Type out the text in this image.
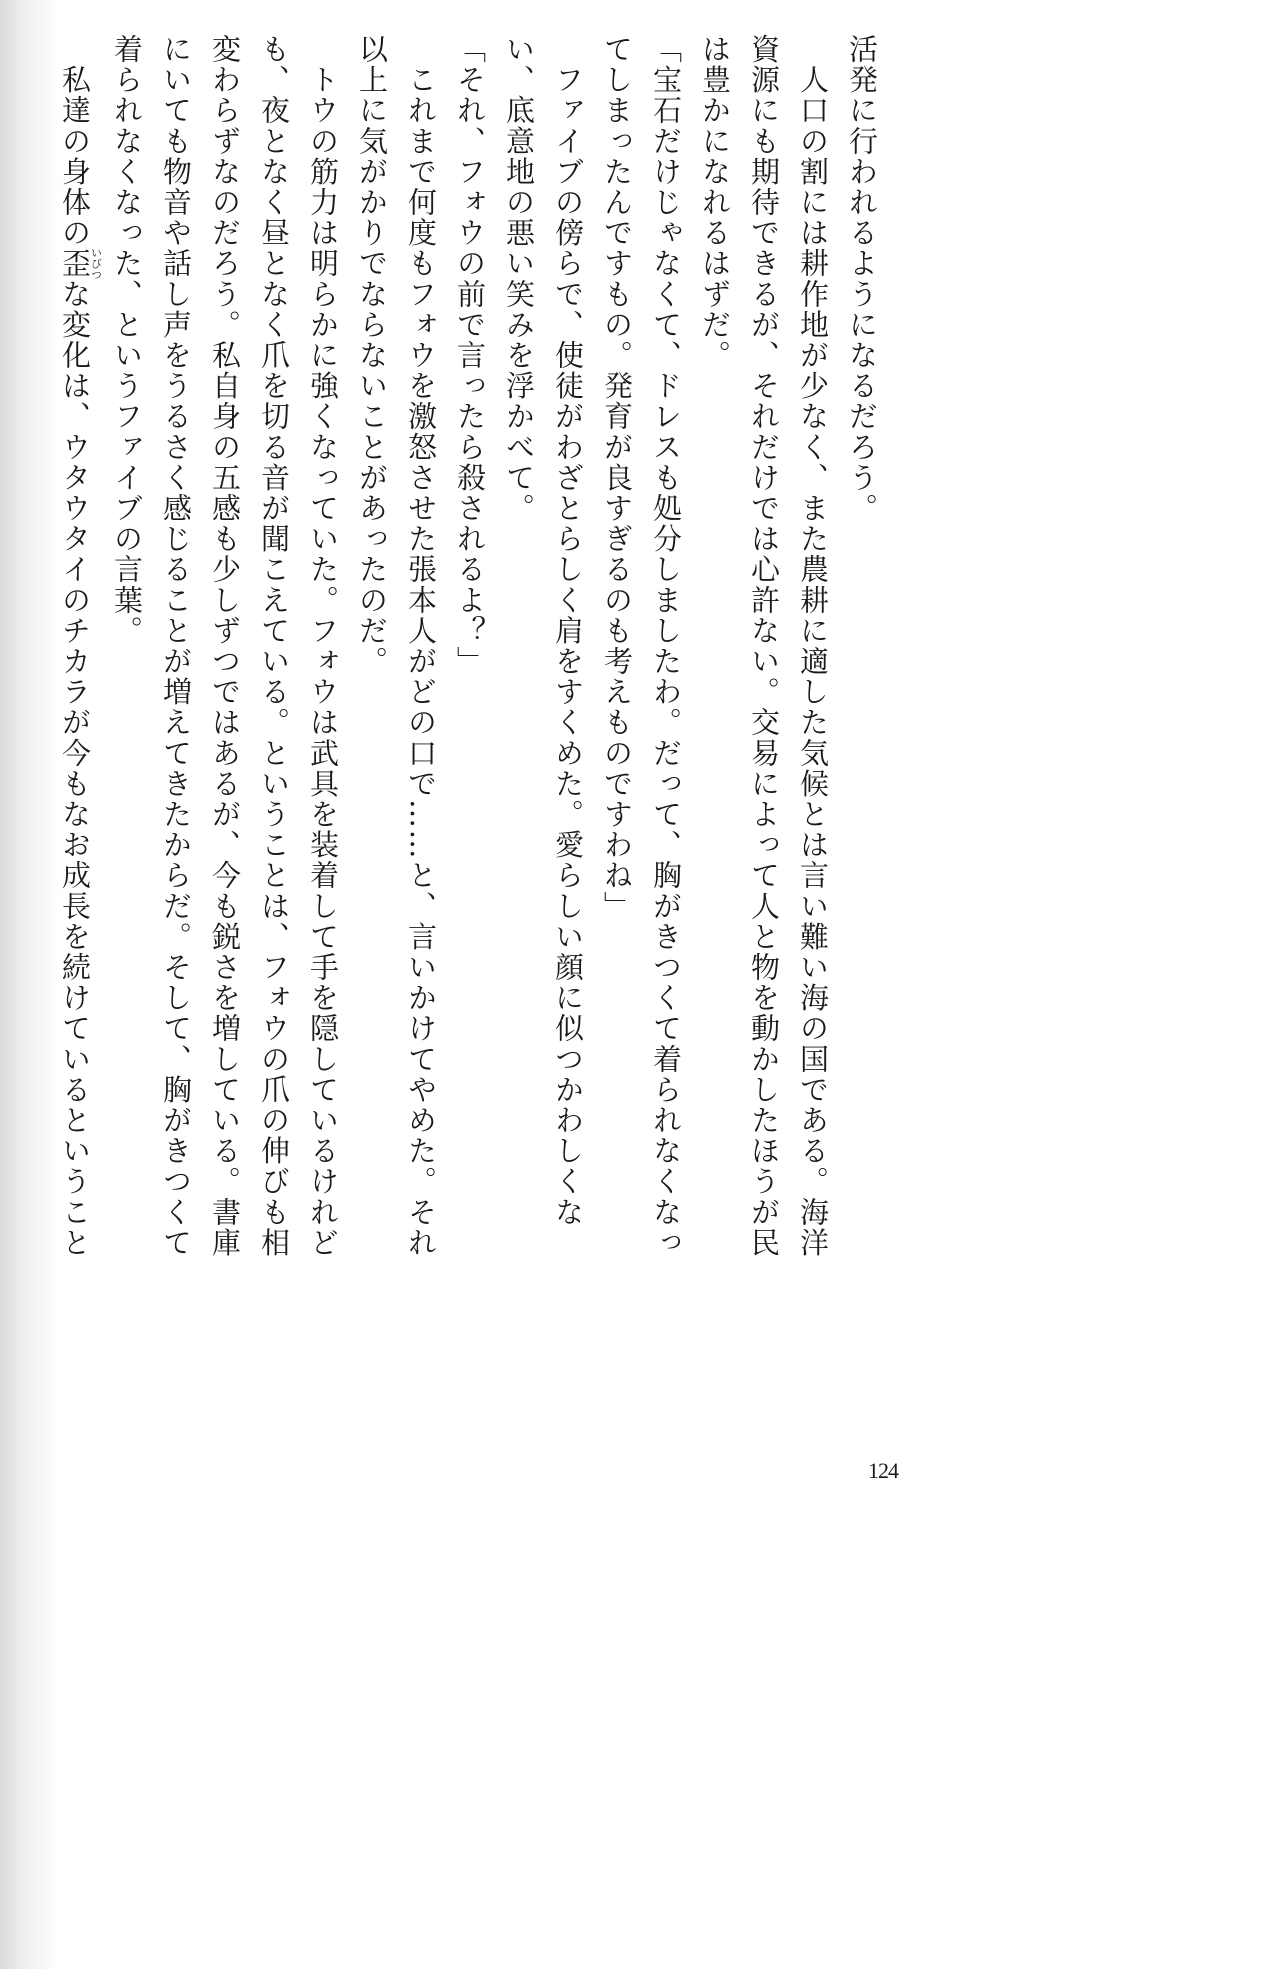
活発に行われるようになるだろう。
　人口の割には耕作地が少なく、また農耕に適した気候とは言い難い海の国である。海洋
資源にも期待できるが、それだけでは心許ない。交易によって人と物を動かしたほうが民
は豊かになれるはずだ。
「宝石だけじゃなくて、ドレスも処分しましたわ。だって、胸がきつくて着られなくなっ
てしまったんですもの。発育が良すぎるのも考えものですわね」
　ファイブの傍らで、使徒がわざとらしく肩をすくめた。愛らしい顔に似つかわしくな
い、底意地の悪い笑みを浮かべて。
「それ、フォウの前で言ったら殺されるよ？」
　これまで何度もフォウを激怒させた張本人がどの口で……と、言いかけてやめた。それ
以上に気がかりでならないことがあったのだ。
　トウの筋力は明らかに強くなっていた。フォウは武具を装着して手を隠しているけれど
も、夜となく昼となく爪を切る音が聞こえている。ということは、フォウの爪の伸びも相
変わらずなのだろう。私自身の五感も少しずつではあるが、今も鋭さを増している。書庫
にいても物音や話し声をうるさく感じることが増えてきたからだ。そして、胸がきつくて
着られなくなった、というファイブの言葉。
　私達の身体の歪いびつな変化は、ウタウタイのチカラが今もなお成長を続けているということ
124
